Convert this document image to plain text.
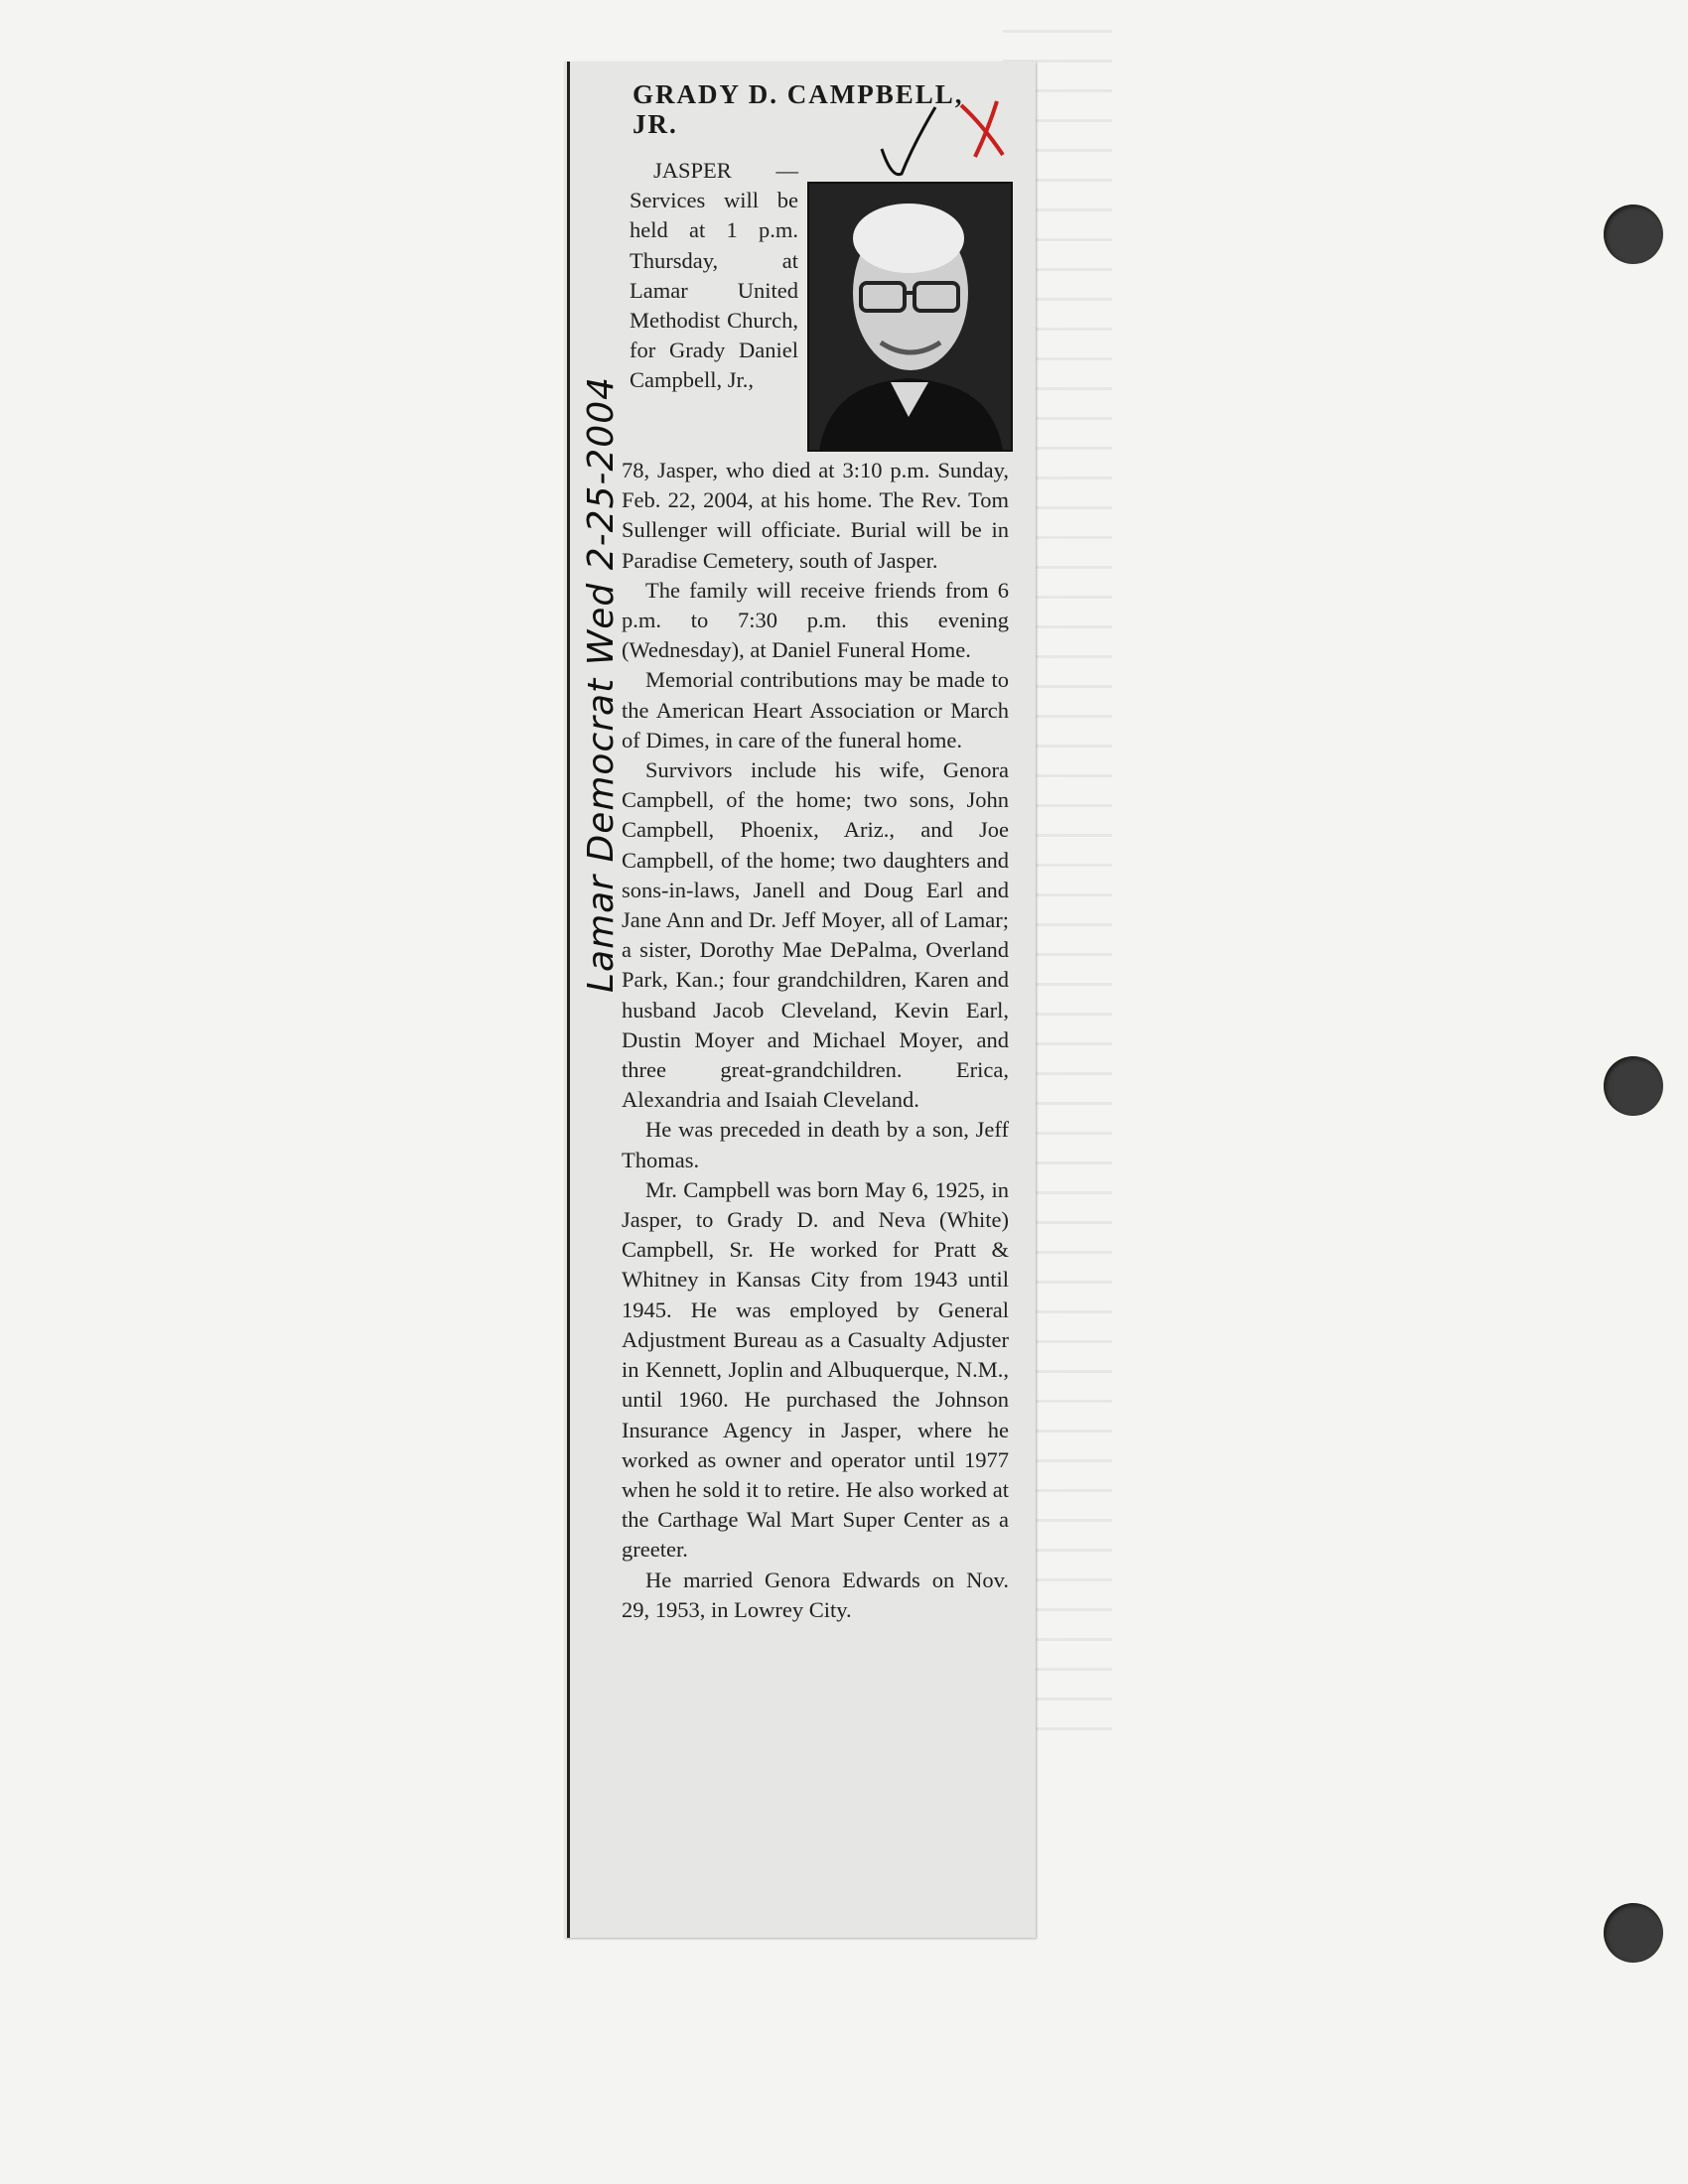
GRADY D. CAMPBELL,
JR.

JASPER — Services will be held at 1 p.m. Thursday, at Lamar United Methodist Church, for Grady Daniel Campbell, Jr.,

78, Jasper, who died at 3:10 p.m. Sunday, Feb. 22, 2004, at his home. The Rev. Tom Sullenger will officiate. Burial will be in Paradise Cemetery, south of Jasper.

The family will receive friends from 6 p.m. to 7:30 p.m. this evening (Wednesday), at Daniel Funeral Home.

Memorial contributions may be made to the American Heart Association or March of Dimes, in care of the funeral home.

Survivors include his wife, Genora Campbell, of the home; two sons, John Campbell, Phoenix, Ariz., and Joe Campbell, of the home; two daughters and sons-in-laws, Janell and Doug Earl and Jane Ann and Dr. Jeff Moyer, all of Lamar; a sister, Dorothy Mae DePalma, Overland Park, Kan.; four grandchildren, Karen and husband Jacob Cleveland, Kevin Earl, Dustin Moyer and Michael Moyer, and three great-grandchildren. Erica, Alexandria and Isaiah Cleveland.

He was preceded in death by a son, Jeff Thomas.

Mr. Campbell was born May 6, 1925, in Jasper, to Grady D. and Neva (White) Campbell, Sr. He worked for Pratt & Whitney in Kansas City from 1943 until 1945. He was employed by General Adjustment Bureau as a Casualty Adjuster in Kennett, Joplin and Albuquerque, N.M., until 1960. He purchased the Johnson Insurance Agency in Jasper, where he worked as owner and operator until 1977 when he sold it to retire. He also worked at the Carthage Wal Mart Super Center as a greeter.

He married Genora Edwards on Nov. 29, 1953, in Lowrey City.

Lamar Democrat Wed 2-25-2004
